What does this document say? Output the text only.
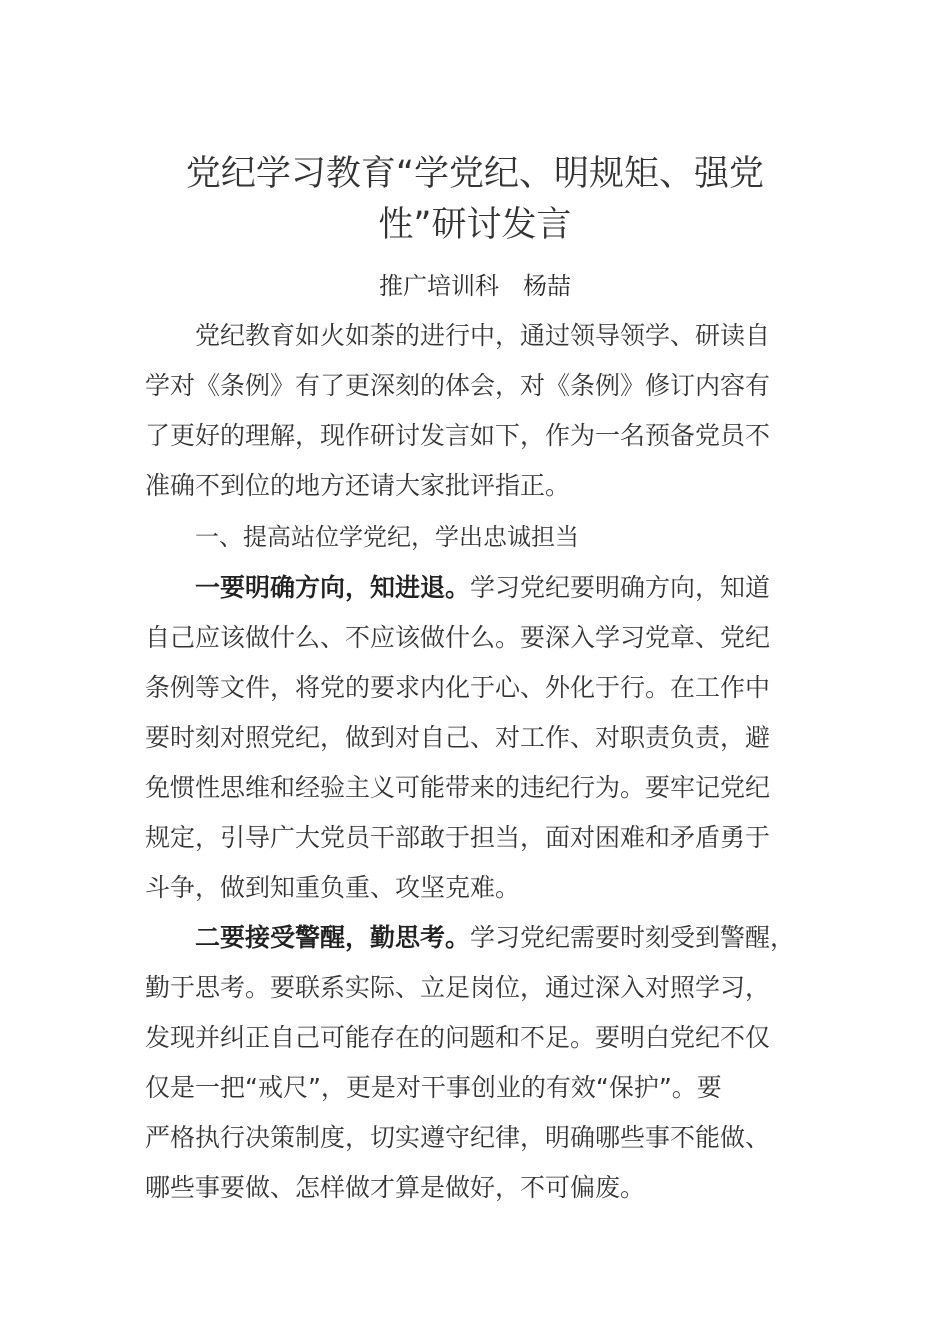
党纪学习教育“学党纪、明规矩、强党
性”研讨发言
推广培训科 杨喆
党纪教育如火如荼的进行中，通过领导领学、研读自
学对《条例》有了更深刻的体会，对《条例》修订内容有
了更好的理解，现作研讨发言如下，作为一名预备党员不
准确不到位的地方还请大家批评指正。
一、提高站位学党纪，学出忠诚担当
一要明确方向，知进退。学习党纪要明确方向，知道
自己应该做什么、不应该做什么。要深入学习党章、党纪
条例等文件，将党的要求内化于心、外化于行。在工作中
要时刻对照党纪，做到对自己、对工作、对职责负责，避
免惯性思维和经验主义可能带来的违纪行为。要牢记党纪
规定，引导广大党员干部敢于担当，面对困难和矛盾勇于
斗争，做到知重负重、攻坚克难。
二要接受警醒，勤思考。学习党纪需要时刻受到警醒，
勤于思考。要联系实际、立足岗位，通过深入对照学习，
发现并纠正自己可能存在的问题和不足。要明白党纪不仅
仅是一把“戒尺”，更是对干事创业的有效“保护”。要
严格执行决策制度，切实遵守纪律，明确哪些事不能做、
哪些事要做、怎样做才算是做好，不可偏废。
